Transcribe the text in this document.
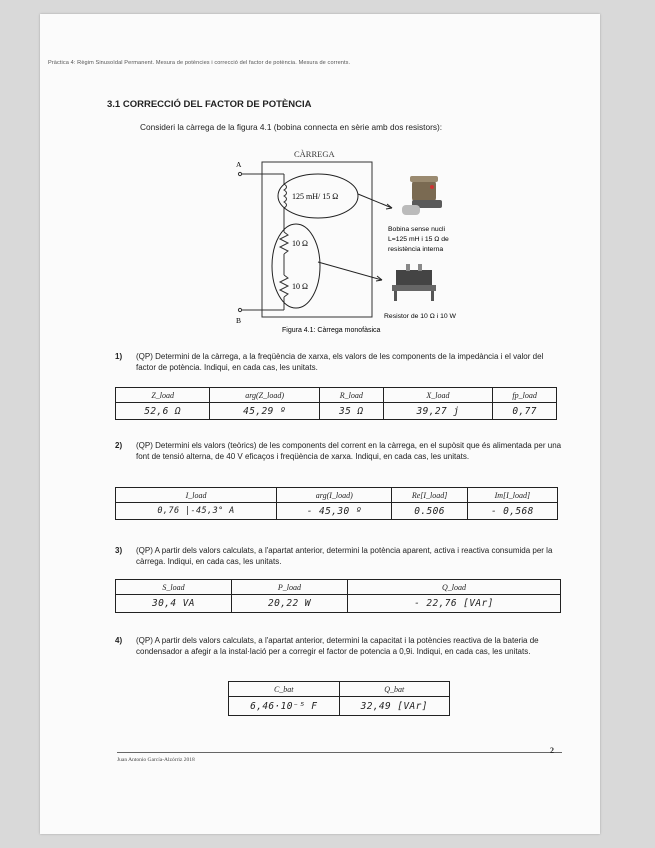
Pràctica 4: Règim Sinusoïdal Permanent. Mesura de potències i correcció del factor de potència. Mesura de corrents.
3.1 CORRECCIÓ DEL FACTOR DE POTÈNCIA
Consideri la càrrega de la figura 4.1 (bobina connecta en sèrie amb dos resistors):
CÀRREGA
A
B
125 mH/ 15 Ω
10 Ω
10 Ω
Bobina sense nucli
L=125 mH i 15 Ω de
resistència interna
Resistor de 10 Ω i 10 W
Figura 4.1: Càrrega monofàsica
1) (QP) Determini de la càrrega, a la freqüència de xarxa, els valors de les components de la impedància i el valor del factor de potència. Indiqui, en cada cas, les unitats.
Z_load	arg(Z_load)	R_load	X_load	fp_load
52,6 Ω	45,29 º	35 Ω	39,27 j	0,77
2) (QP) Determini els valors (teòrics) de les components del corrent en la càrrega, en el supòsit que és alimentada per una font de tensió alterna, de 40 V eficaços i freqüència de xarxa. Indiqui, en cada cas, les unitats.
I_load	arg(I_load)	Re[I_load]	Im[I_load]
0,76 |-45,3° A	- 45,30 º	0.506	- 0,568
3) (QP) A partir dels valors calculats, a l'apartat anterior, determini la potència aparent, activa i reactiva consumida per la càrrega. Indiqui, en cada cas, les unitats.
S_load	P_load	Q_load
30,4 VA	20,22 W	- 22,76 [VAr]
4) (QP) A partir dels valors calculats, a l'apartat anterior, determini la capacitat i la potències reactiva de la bateria de condensador a afegir a la instal·lació per a corregir el factor de potencia a 0,9i. Indiqui, en cada cas, les unitats.
C_bat	Q_bat
6,46·10⁻⁵ F	32,49 [VAr]
Juan Antonio García-Alzórriz 2018
2
